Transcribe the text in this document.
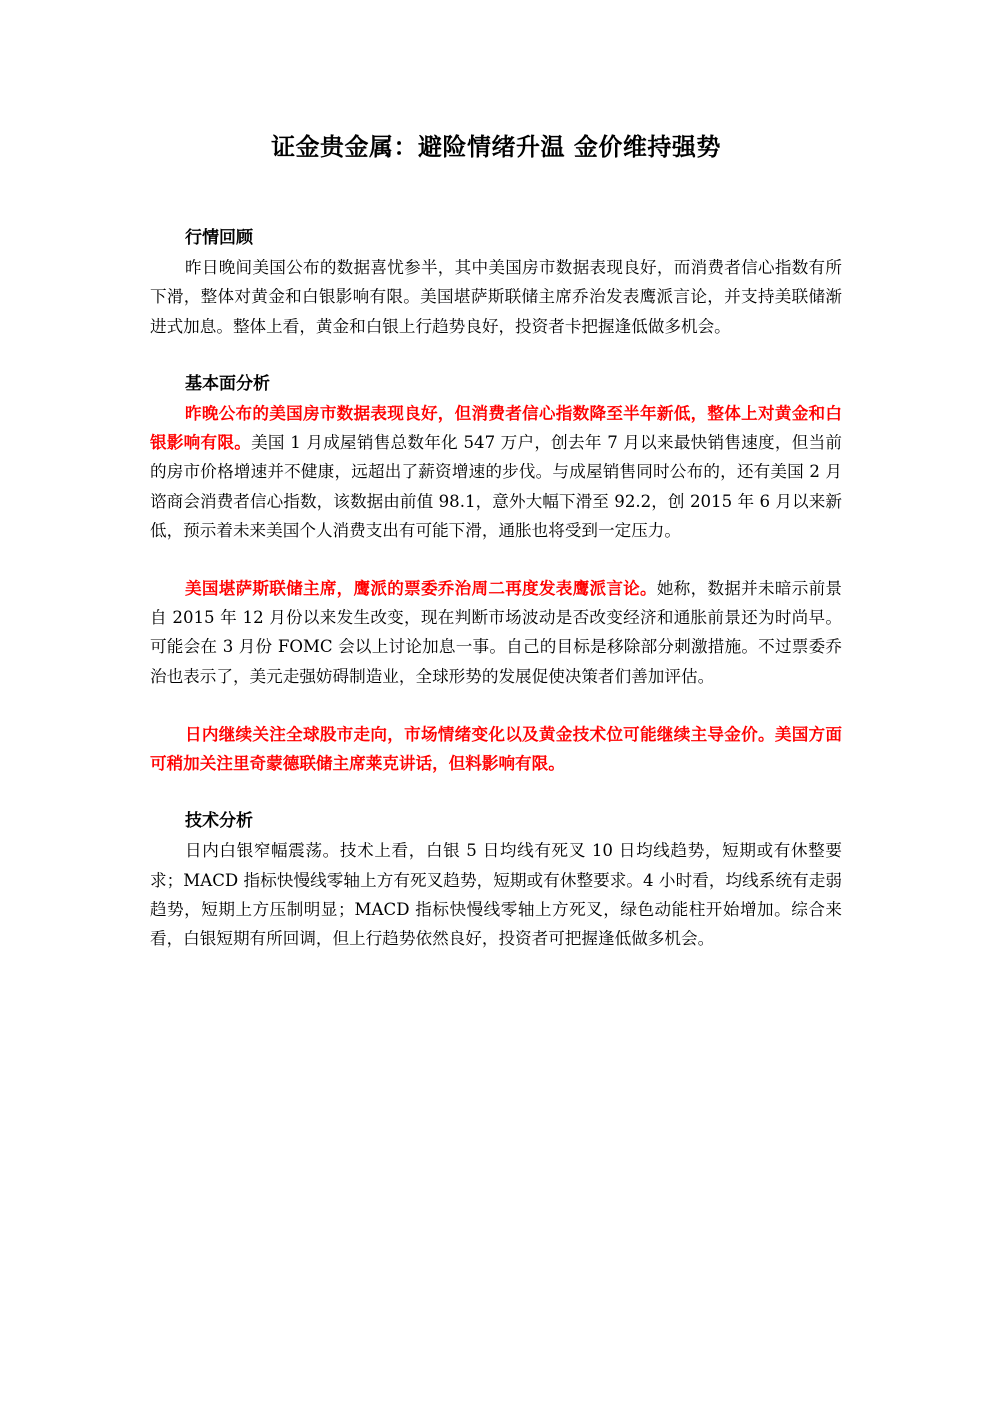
证金贵金属：避险情绪升温 金价维持强势

行情回顾

昨日晚间美国公布的数据喜忧参半，其中美国房市数据表现良好，而消费者信心指数有所下滑，整体对黄金和白银影响有限。美国堪萨斯联储主席乔治发表鹰派言论，并支持美联储渐进式加息。整体上看，黄金和白银上行趋势良好，投资者卡把握逢低做多机会。

基本面分析

昨晚公布的美国房市数据表现良好，但消费者信心指数降至半年新低，整体上对黄金和白银影响有限。美国 1 月成屋销售总数年化 547 万户，创去年 7 月以来最快销售速度，但当前的房市价格增速并不健康，远超出了薪资增速的步伐。与成屋销售同时公布的，还有美国 2 月谘商会消费者信心指数，该数据由前值 98.1，意外大幅下滑至 92.2，创 2015 年 6 月以来新低，预示着未来美国个人消费支出有可能下滑，通胀也将受到一定压力。

美国堪萨斯联储主席，鹰派的票委乔治周二再度发表鹰派言论。她称，数据并未暗示前景自 2015 年 12 月份以来发生改变，现在判断市场波动是否改变经济和通胀前景还为时尚早。可能会在 3 月份 FOMC 会以上讨论加息一事。自己的目标是移除部分刺激措施。不过票委乔治也表示了，美元走强妨碍制造业，全球形势的发展促使决策者们善加评估。

日内继续关注全球股市走向，市场情绪变化以及黄金技术位可能继续主导金价。美国方面可稍加关注里奇蒙德联储主席莱克讲话，但料影响有限。

技术分析

日内白银窄幅震荡。技术上看，白银 5 日均线有死叉 10 日均线趋势，短期或有休整要求；MACD 指标快慢线零轴上方有死叉趋势，短期或有休整要求。4 小时看，均线系统有走弱趋势，短期上方压制明显；MACD 指标快慢线零轴上方死叉，绿色动能柱开始增加。综合来看，白银短期有所回调，但上行趋势依然良好，投资者可把握逢低做多机会。
